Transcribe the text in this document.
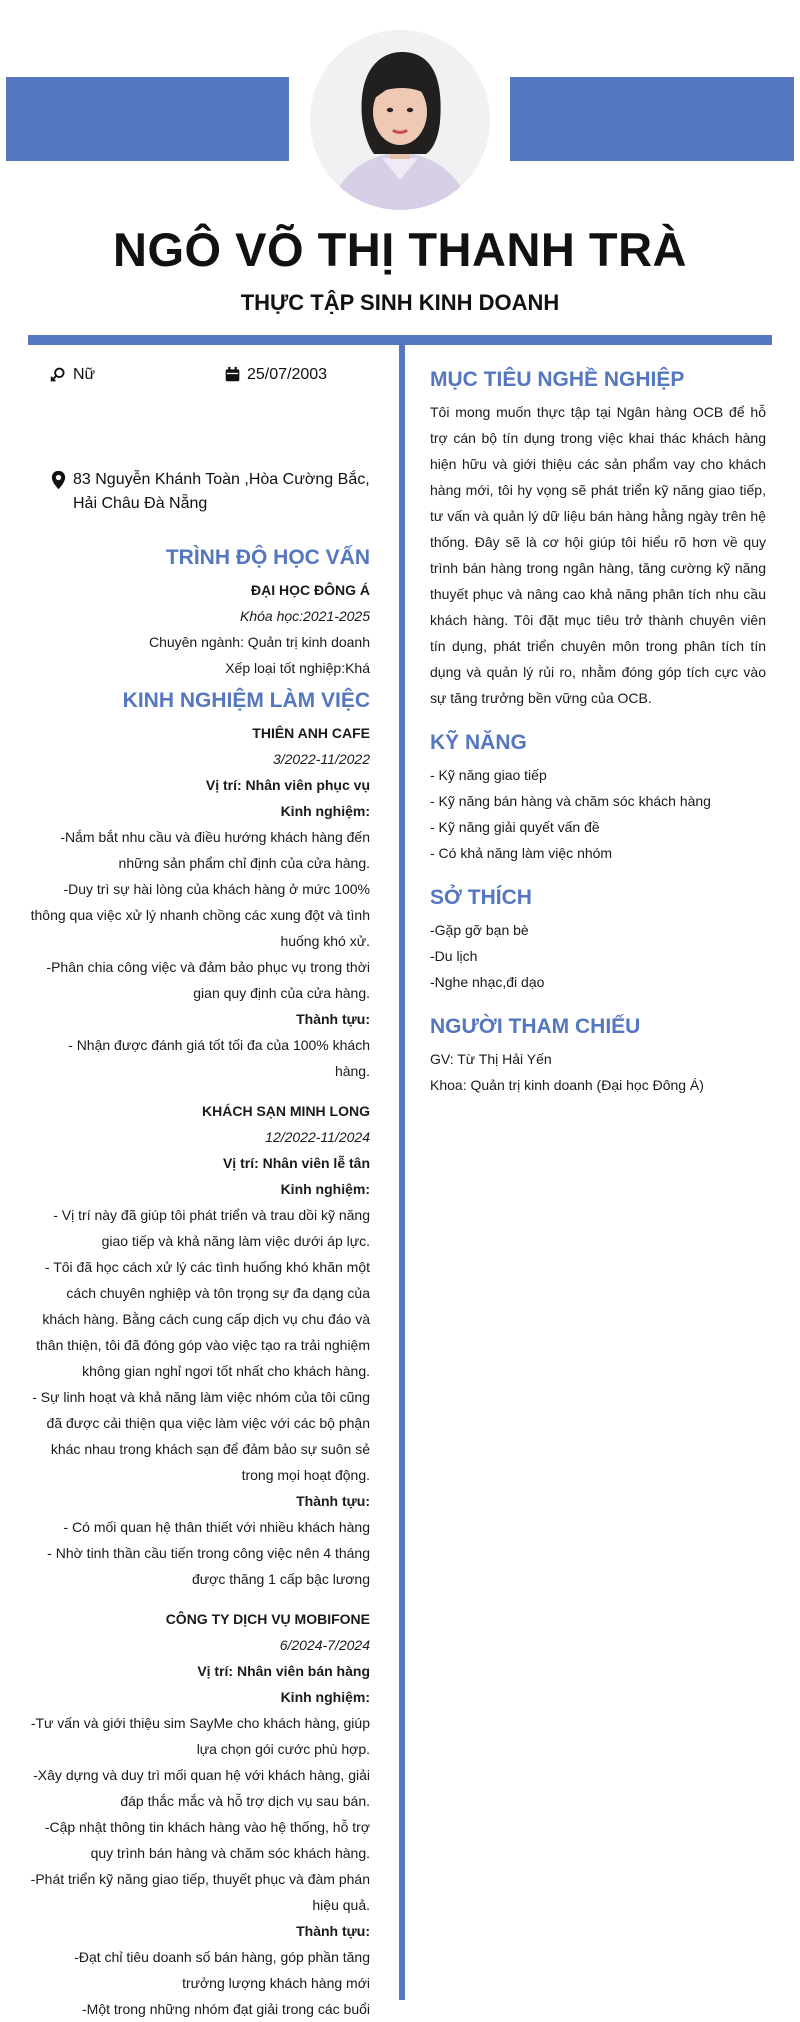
NGÔ VÕ THỊ THANH TRÀ
THỰC TẬP SINH KINH DOANH
Nữ	25/07/2003
83 Nguyễn Khánh Toàn ,Hòa Cường Bắc, Hải Châu Đà Nẵng
TRÌNH ĐỘ HỌC VẤN
ĐẠI HỌC ĐÔNG Á
Khóa học:2021-2025
Chuyên ngành: Quản trị kinh doanh
Xếp loại tốt nghiệp:Khá
KINH NGHIỆM LÀM VIỆC
THIÊN ANH CAFE
3/2022-11/2022
Vị trí: Nhân viên phục vụ
Kinh nghiệm:
-Nắm bắt nhu cầu và điều hướng khách hàng đến những sản phẩm chỉ định của cửa hàng.
-Duy trì sự hài lòng của khách hàng ở mức 100% thông qua việc xử lý nhanh chồng các xung đột và tình huống khó xử.
-Phân chia công việc và đảm bảo phục vụ trong thời gian quy định của cửa hàng.
Thành tựu:
- Nhận được đánh giá tốt tối đa của 100% khách hàng.
KHÁCH SẠN MINH LONG
12/2022-11/2024
Vị trí: Nhân viên lễ tân
Kinh nghiệm:
- Vị trí này đã giúp tôi phát triển và trau dồi kỹ năng giao tiếp và khả năng làm việc dưới áp lực.
- Tôi đã học cách xử lý các tình huống khó khăn một cách chuyên nghiệp và tôn trọng sự đa dạng của khách hàng. Bằng cách cung cấp dịch vụ chu đáo và thân thiện, tôi đã đóng góp vào việc tạo ra trải nghiệm không gian nghỉ ngơi tốt nhất cho khách hàng.
- Sự linh hoạt và khả năng làm việc nhóm của tôi cũng đã được cải thiện qua việc làm việc với các bộ phận khác nhau trong khách sạn để đảm bảo sự suôn sẻ trong mọi hoạt động.
Thành tựu:
- Có mối quan hệ thân thiết với nhiều khách hàng
- Nhờ tinh thần cầu tiến trong công việc nên 4 tháng được thăng 1 cấp bậc lương
CÔNG TY DỊCH VỤ MOBIFONE
6/2024-7/2024
Vị trí: Nhân viên bán hàng
Kinh nghiệm:
-Tư vấn và giới thiệu sim SayMe cho khách hàng, giúp lựa chọn gói cước phù hợp.
-Xây dựng và duy trì mối quan hệ với khách hàng, giải đáp thắc mắc và hỗ trợ dịch vụ sau bán.
-Cập nhật thông tin khách hàng vào hệ thống, hỗ trợ quy trình bán hàng và chăm sóc khách hàng.
-Phát triển kỹ năng giao tiếp, thuyết phục và đàm phán hiệu quả.
Thành tựu:
-Đạt chỉ tiêu doanh số bán hàng, góp phần tăng trưởng lượng khách hàng mới
-Một trong những nhóm đạt giải trong các buổi
MỤC TIÊU NGHỀ NGHIỆP
Tôi mong muốn thực tập tại Ngân hàng OCB để hỗ trợ cán bộ tín dụng trong việc khai thác khách hàng hiện hữu và giới thiệu các sản phẩm vay cho khách hàng mới, tôi hy vọng sẽ phát triển kỹ năng giao tiếp, tư vấn và quản lý dữ liệu bán hàng hằng ngày trên hệ thống. Đây sẽ là cơ hội giúp tôi hiểu rõ hơn về quy trình bán hàng trong ngân hàng, tăng cường kỹ năng thuyết phục và nâng cao khả năng phân tích nhu cầu khách hàng. Tôi đặt mục tiêu trở thành chuyên viên tín dụng, phát triển chuyên môn trong phân tích tín dụng và quản lý rủi ro, nhằm đóng góp tích cực vào sự tăng trưởng bền vững của OCB.
KỸ NĂNG
- Kỹ năng giao tiếp
- Kỹ năng bán hàng và chăm sóc khách hàng
- Kỹ năng giải quyết vấn đề
- Có khả năng làm việc nhóm
SỞ THÍCH
-Gặp gỡ bạn bè
-Du lịch
-Nghe nhạc,đi dạo
NGƯỜI THAM CHIẾU
GV: Từ Thị Hải Yến
Khoa: Quản trị kinh doanh (Đại học Đông Á)
